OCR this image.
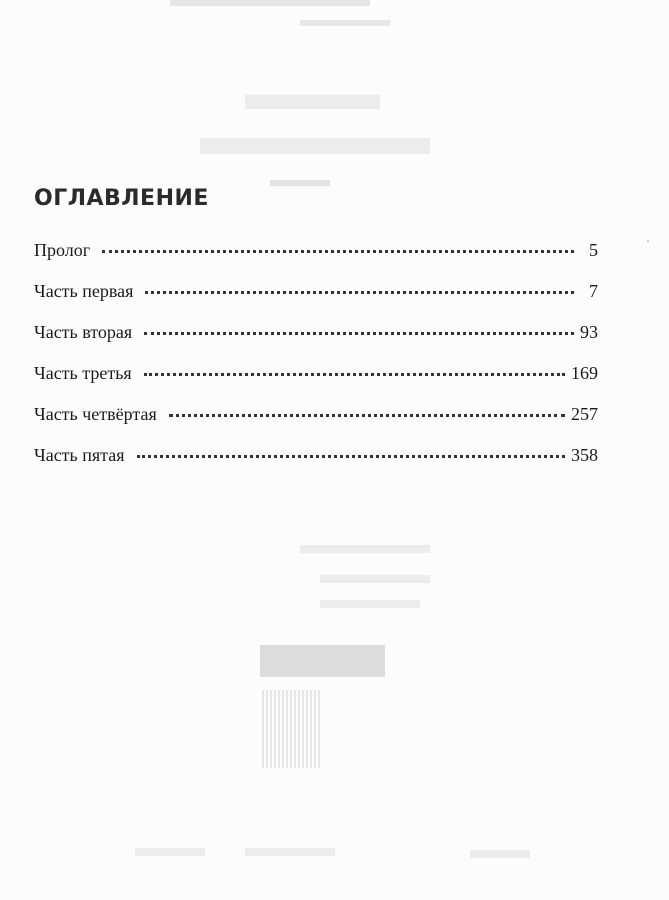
ОГЛАВЛЕНИЕ
Пролог	5
Часть первая	7
Часть вторая	93
Часть третья	169
Часть четвёртая	257
Часть пятая	358
